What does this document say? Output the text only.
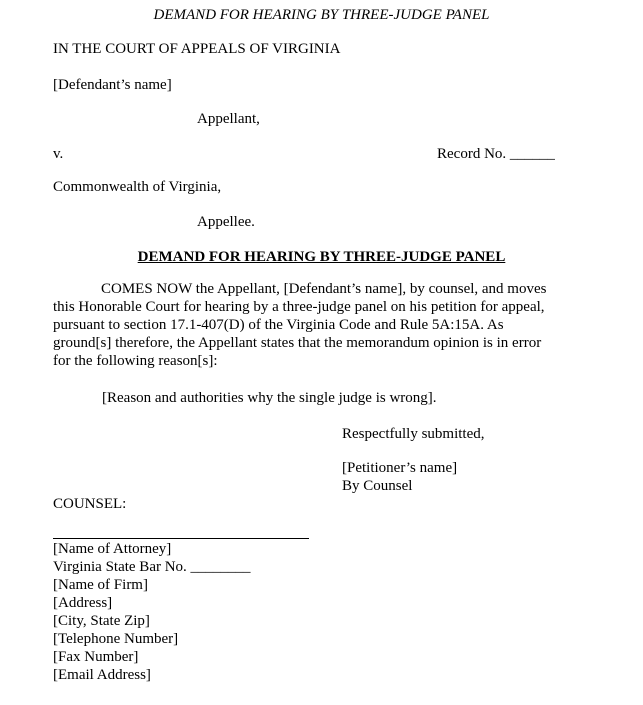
DEMAND FOR HEARING BY THREE-JUDGE PANEL
IN THE COURT OF APPEALS OF VIRGINIA
[Defendant’s name]
Appellant,
v.	Record No. ______
Commonwealth of Virginia,
Appellee.
DEMAND FOR HEARING BY THREE-JUDGE PANEL
COMES NOW the Appellant, [Defendant’s name], by counsel, and moves
this Honorable Court for hearing by a three-judge panel on his petition for appeal,
pursuant to section 17.1-407(D) of the Virginia Code and Rule 5A:15A. As
ground[s] therefore, the Appellant states that the memorandum opinion is in error
for the following reason[s]:
[Reason and authorities why the single judge is wrong].
Respectfully submitted,
[Petitioner’s name]
By Counsel
COUNSEL:
[Name of Attorney]
Virginia State Bar No. ________
[Name of Firm]
[Address]
[City, State Zip]
[Telephone Number]
[Fax Number]
[Email Address]
